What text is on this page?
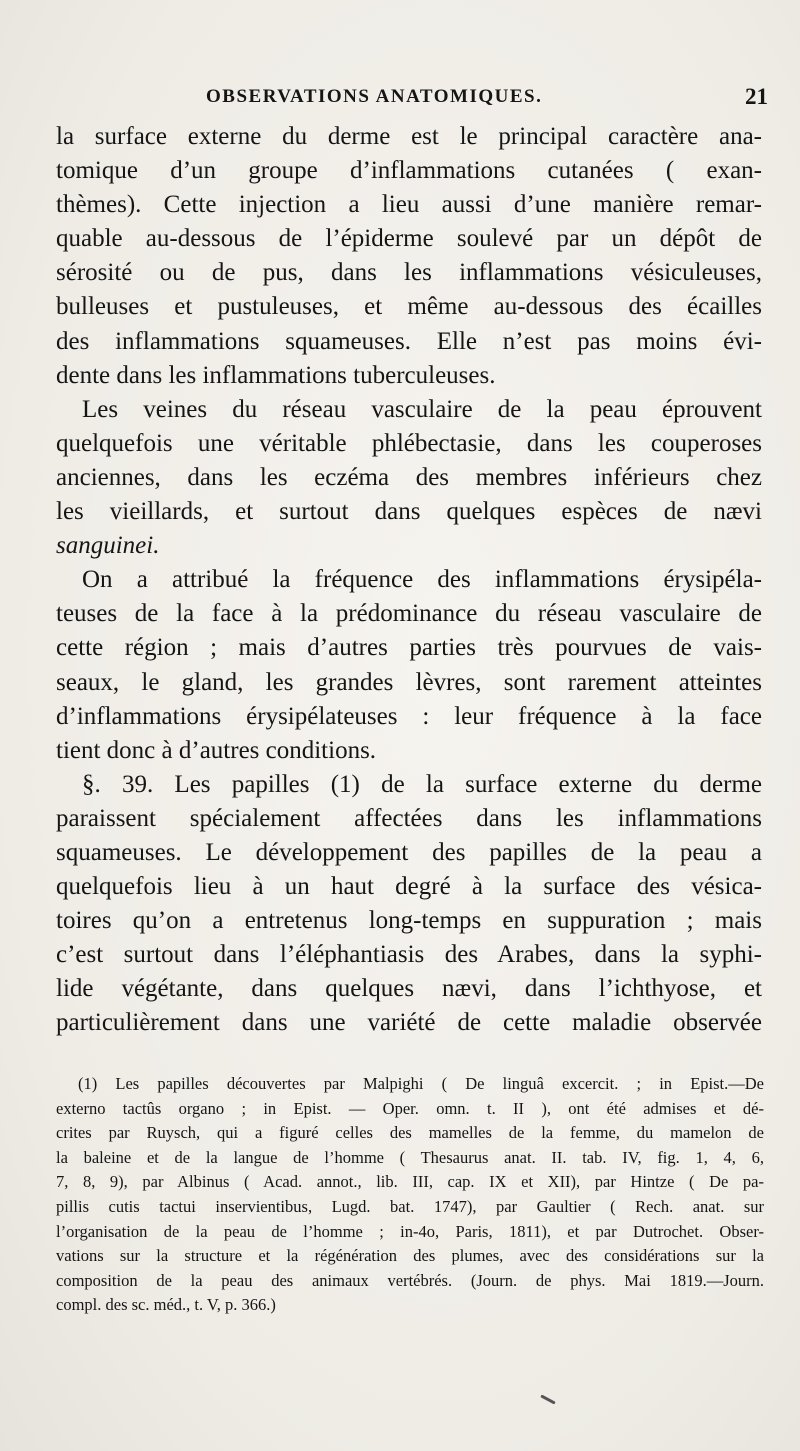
OBSERVATIONS ANATOMIQUES.	21
la surface externe du derme est le principal caractère ana-
tomique d’un groupe d’inflammations cutanées ( exan-
thèmes). Cette injection a lieu aussi d’une manière remar-
quable au-dessous de l’épiderme soulevé par un dépôt de
sérosité ou de pus, dans les inflammations vésiculeuses,
bulleuses et pustuleuses, et même au-dessous des écailles
des inflammations squameuses. Elle n’est pas moins évi-
dente dans les inflammations tuberculeuses.
Les veines du réseau vasculaire de la peau éprouvent
quelquefois une véritable phlébectasie, dans les couperoses
anciennes, dans les eczéma des membres inférieurs chez
les vieillards, et surtout dans quelques espèces de nævi
sanguinei.
On a attribué la fréquence des inflammations érysipéla-
teuses de la face à la prédominance du réseau vasculaire de
cette région ; mais d’autres parties très pourvues de vais-
seaux, le gland, les grandes lèvres, sont rarement atteintes
d’inflammations érysipélateuses : leur fréquence à la face
tient donc à d’autres conditions.
§. 39. Les papilles (1) de la surface externe du derme
paraissent spécialement affectées dans les inflammations
squameuses. Le développement des papilles de la peau a
quelquefois lieu à un haut degré à la surface des vésica-
toires qu’on a entretenus long-temps en suppuration ; mais
c’est surtout dans l’éléphantiasis des Arabes, dans la syphi-
lide végétante, dans quelques nævi, dans l’ichthyose, et
particulièrement dans une variété de cette maladie observée
(1) Les papilles découvertes par Malpighi ( De linguâ excercit. ; in Epist.—De
externo tactûs organo ; in Epist. — Oper. omn. t. II ), ont été admises et dé-
crites par Ruysch, qui a figuré celles des mamelles de la femme, du mamelon de
la baleine et de la langue de l’homme ( Thesaurus anat. II. tab. IV, fig. 1, 4, 6,
7, 8, 9), par Albinus ( Acad. annot., lib. III, cap. IX et XII), par Hintze ( De pa-
pillis cutis tactui inservientibus, Lugd. bat. 1747), par Gaultier ( Rech. anat. sur
l’organisation de la peau de l’homme ; in-4o, Paris, 1811), et par Dutrochet. Obser-
vations sur la structure et la régénération des plumes, avec des considérations sur la
composition de la peau des animaux vertébrés. (Journ. de phys. Mai 1819.—Journ.
compl. des sc. méd., t. V, p. 366.)
